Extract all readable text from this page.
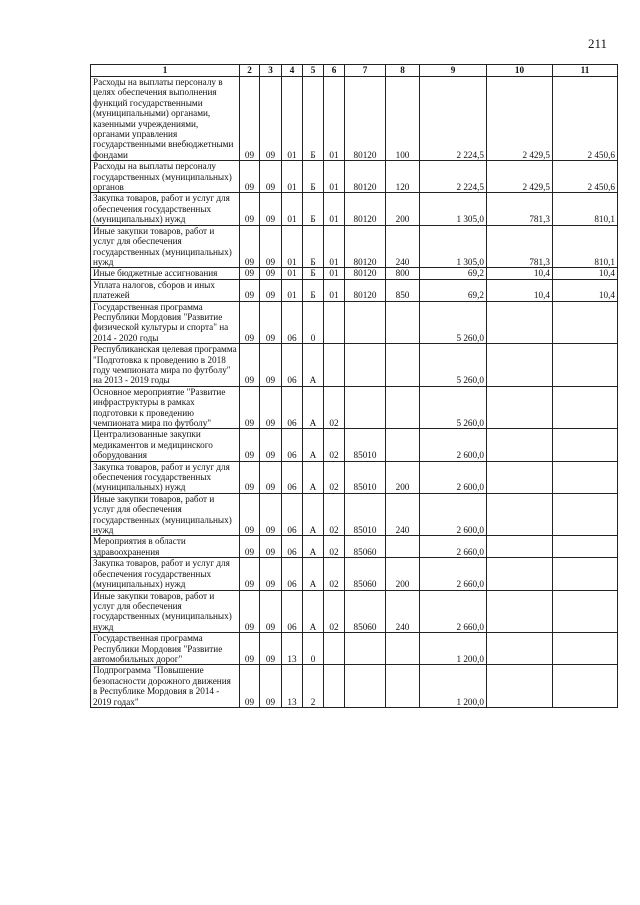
211
1	2	3	4	5	6	7	8	9	10	11
Расходы на выплаты персоналу в целях обеспечения выполнения функций государственными (муниципальными) органами, казенными учреждениями, органами управления государственными внебюджетными фондами	09	09	01	Б	01	80120	100	2 224,5	2 429,5	2 450,6
Расходы на выплаты персоналу государственных (муниципальных) органов	09	09	01	Б	01	80120	120	2 224,5	2 429,5	2 450,6
Закупка товаров, работ и услуг для обеспечения государственных (муниципальных) нужд	09	09	01	Б	01	80120	200	1 305,0	781,3	810,1
Иные закупки товаров, работ и услуг для обеспечения государственных (муниципальных) нужд	09	09	01	Б	01	80120	240	1 305,0	781,3	810,1
Иные бюджетные ассигнования	09	09	01	Б	01	80120	800	69,2	10,4	10,4
Уплата налогов, сборов и иных платежей	09	09	01	Б	01	80120	850	69,2	10,4	10,4
Государственная программа Республики Мордовия "Развитие физической культуры и спорта" на 2014 - 2020 годы	09	09	06	0				5 260,0		
Республиканская целевая программа "Подготовка к проведению в 2018 году чемпионата мира по футболу" на 2013 - 2019 годы	09	09	06	А				5 260,0		
Основное мероприятие "Развитие инфраструктуры в рамках подготовки к проведению чемпионата мира по футболу"	09	09	06	А	02			5 260,0		
Централизованные закупки медикаментов и медицинского оборудования	09	09	06	А	02	85010		2 600,0		
Закупка товаров, работ и услуг для обеспечения государственных (муниципальных) нужд	09	09	06	А	02	85010	200	2 600,0		
Иные закупки товаров, работ и услуг для обеспечения государственных (муниципальных) нужд	09	09	06	А	02	85010	240	2 600,0		
Мероприятия в области здравоохранения	09	09	06	А	02	85060		2 660,0		
Закупка товаров, работ и услуг для обеспечения государственных (муниципальных) нужд	09	09	06	А	02	85060	200	2 660,0		
Иные закупки товаров, работ и услуг для обеспечения государственных (муниципальных) нужд	09	09	06	А	02	85060	240	2 660,0		
Государственная программа Республики Мордовия "Развитие автомобильных дорог"	09	09	13	0				1 200,0		
Подпрограмма "Повышение безопасности дорожного движения в Республике Мордовия в 2014 - 2019 годах"	09	09	13	2				1 200,0		
